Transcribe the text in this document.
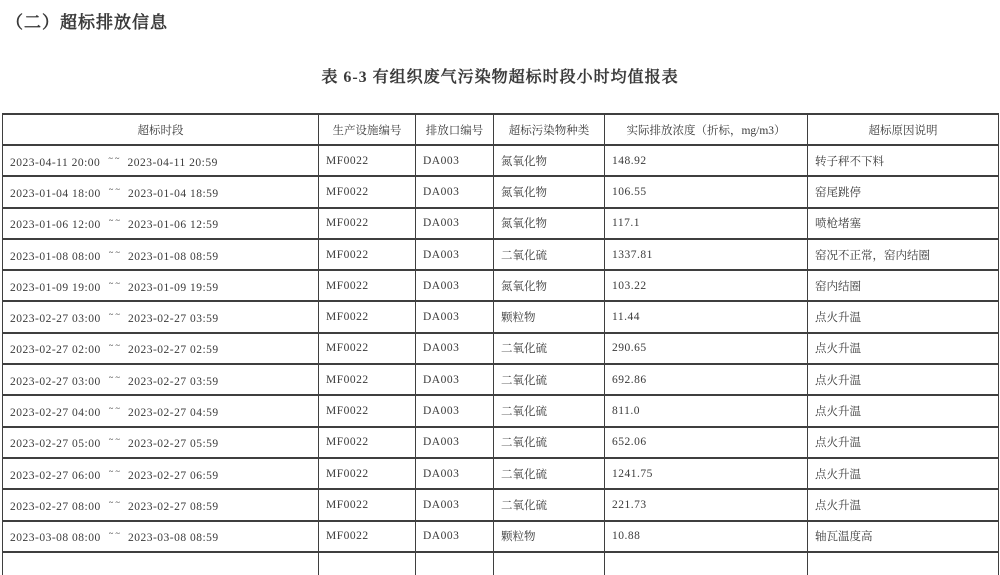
（二）超标排放信息
表 6-3 有组织废气污染物超标时段小时均值报表
超标时段	生产设施编号	排放口编号	超标污染物种类	实际排放浓度（折标，mg/m3）	超标原因说明
2023-04-11 20:00 ~~ 2023-04-11 20:59	MF0022	DA003	氮氧化物	148.92	转子秤不下料
2023-01-04 18:00 ~~ 2023-01-04 18:59	MF0022	DA003	氮氧化物	106.55	窑尾跳停
2023-01-06 12:00 ~~ 2023-01-06 12:59	MF0022	DA003	氮氧化物	117.1	喷枪堵塞
2023-01-08 08:00 ~~ 2023-01-08 08:59	MF0022	DA003	二氧化硫	1337.81	窑况不正常，窑内结圈
2023-01-09 19:00 ~~ 2023-01-09 19:59	MF0022	DA003	氮氧化物	103.22	窑内结圈
2023-02-27 03:00 ~~ 2023-02-27 03:59	MF0022	DA003	颗粒物	11.44	点火升温
2023-02-27 02:00 ~~ 2023-02-27 02:59	MF0022	DA003	二氧化硫	290.65	点火升温
2023-02-27 03:00 ~~ 2023-02-27 03:59	MF0022	DA003	二氧化硫	692.86	点火升温
2023-02-27 04:00 ~~ 2023-02-27 04:59	MF0022	DA003	二氧化硫	811.0	点火升温
2023-02-27 05:00 ~~ 2023-02-27 05:59	MF0022	DA003	二氧化硫	652.06	点火升温
2023-02-27 06:00 ~~ 2023-02-27 06:59	MF0022	DA003	二氧化硫	1241.75	点火升温
2023-02-27 08:00 ~~ 2023-02-27 08:59	MF0022	DA003	二氧化硫	221.73	点火升温
2023-03-08 08:00 ~~ 2023-03-08 08:59	MF0022	DA003	颗粒物	10.88	轴瓦温度高
